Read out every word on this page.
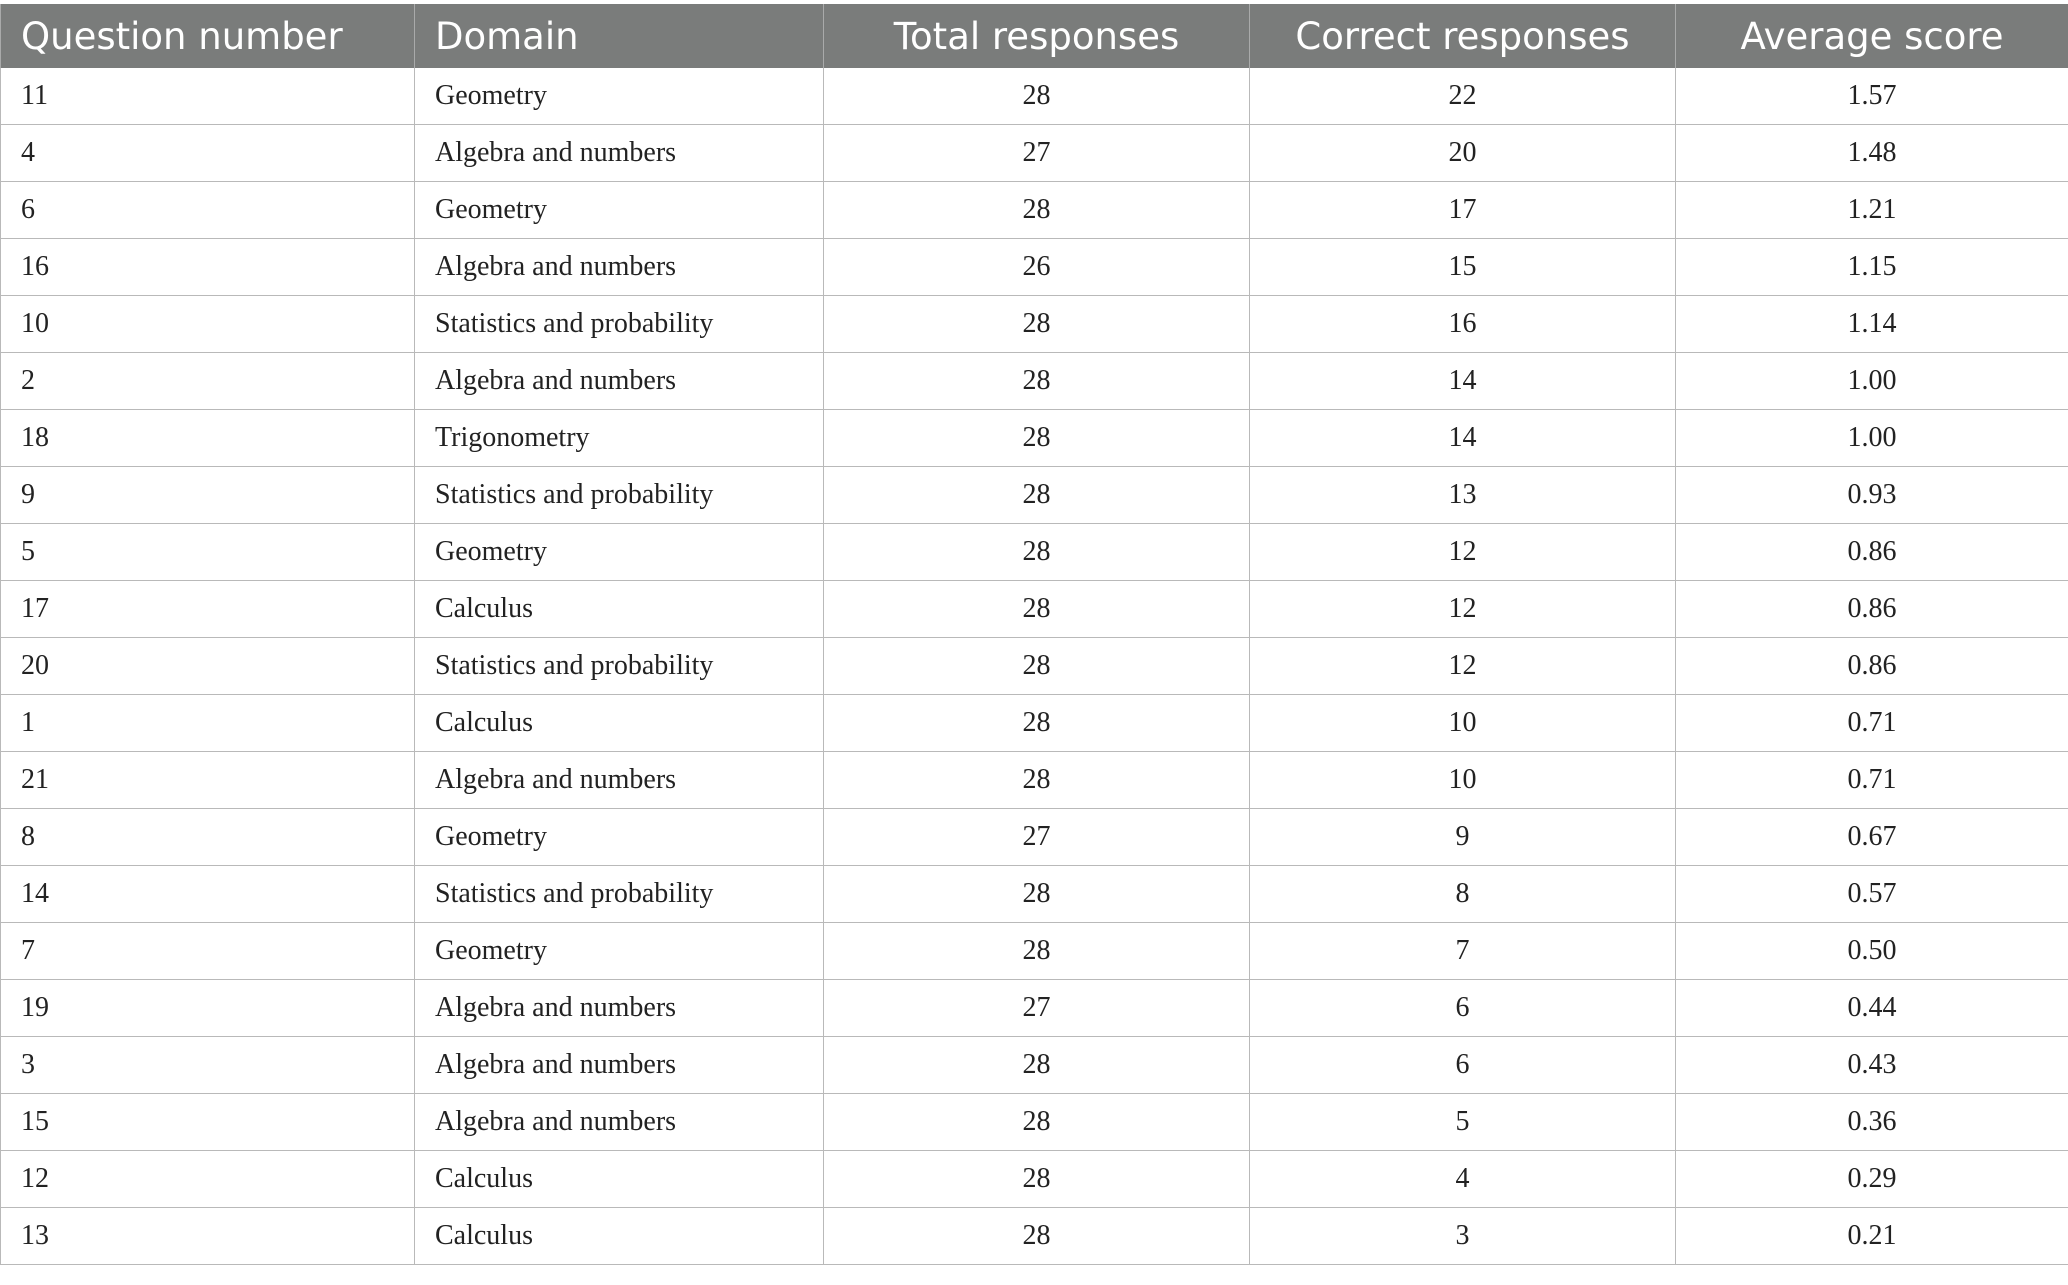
Question number	Domain	Total responses	Correct responses	Average score
11	Geometry	28	22	1.57
4	Algebra and numbers	27	20	1.48
6	Geometry	28	17	1.21
16	Algebra and numbers	26	15	1.15
10	Statistics and probability	28	16	1.14
2	Algebra and numbers	28	14	1.00
18	Trigonometry	28	14	1.00
9	Statistics and probability	28	13	0.93
5	Geometry	28	12	0.86
17	Calculus	28	12	0.86
20	Statistics and probability	28	12	0.86
1	Calculus	28	10	0.71
21	Algebra and numbers	28	10	0.71
8	Geometry	27	9	0.67
14	Statistics and probability	28	8	0.57
7	Geometry	28	7	0.50
19	Algebra and numbers	27	6	0.44
3	Algebra and numbers	28	6	0.43
15	Algebra and numbers	28	5	0.36
12	Calculus	28	4	0.29
13	Calculus	28	3	0.21
